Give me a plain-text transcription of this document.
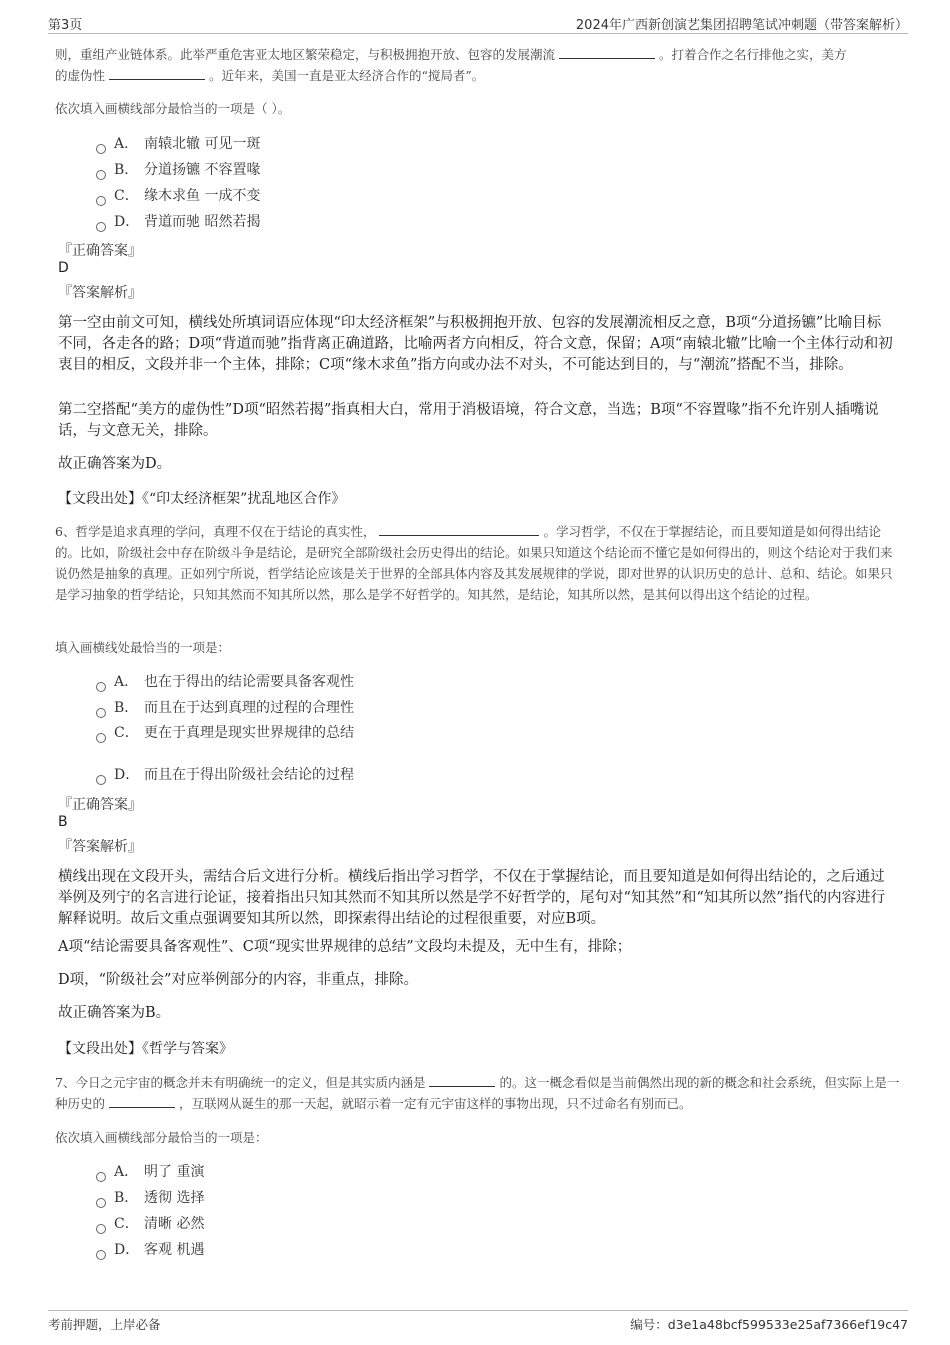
第3页	2024年广西新创演艺集团招聘笔试冲刺题（带答案解析）
则，重组产业链体系。此举严重危害亚太地区繁荣稳定，与积极拥抱开放、包容的发展潮流	。打着合作之名行排他之实，美方
的虚伪性	。近年来，美国一直是亚太经济合作的“搅局者”。
依次填入画横线部分最恰当的一项是（ ）。
A． 南辕北辙 可见一斑
B． 分道扬镳 不容置喙
C． 缘木求鱼 一成不变
D． 背道而驰 昭然若揭
『正确答案』
D
『答案解析』
第一空由前文可知，横线处所填词语应体现“印太经济框架”与积极拥抱开放、包容的发展潮流相反之意，B项“分道扬镳”比喻目标不同，各走各的路；D项“背道而驰”指背离正确道路，比喻两者方向相反，符合文意，保留；A项“南辕北辙”比喻一个主体行动和初衷目的相反，文段并非一个主体，排除；C项“缘木求鱼”指方向或办法不对头，不可能达到目的，与“潮流”搭配不当，排除。
第二空搭配“美方的虚伪性”D项“昭然若揭”指真相大白，常用于消极语境，符合文意，当选；B项“不容置喙”指不允许别人插嘴说话，与文意无关，排除。
故正确答案为D。
【文段出处】《“印太经济框架”扰乱地区合作》
6、哲学是追求真理的学问，真理不仅在于结论的真实性，	。学习哲学，不仅在于掌握结论，而且要知道是如何得出结论的。比如，阶级社会中存在阶级斗争是结论，是研究全部阶级社会历史得出的结论。如果只知道这个结论而不懂它是如何得出的，则这个结论对于我们来说仍然是抽象的真理。正如列宁所说，哲学结论应该是关于世界的全部具体内容及其发展规律的学说，即对世界的认识历史的总计、总和、结论。如果只是学习抽象的哲学结论，只知其然而不知其所以然，那么是学不好哲学的。知其然，是结论，知其所以然，是其何以得出这个结论的过程。
填入画横线处最恰当的一项是：
A． 也在于得出的结论需要具备客观性
B． 而且在于达到真理的过程的合理性
C． 更在于真理是现实世界规律的总结
D． 而且在于得出阶级社会结论的过程
『正确答案』
B
『答案解析』
横线出现在文段开头，需结合后文进行分析。横线后指出学习哲学，不仅在于掌握结论，而且要知道是如何得出结论的，之后通过举例及列宁的名言进行论证，接着指出只知其然而不知其所以然是学不好哲学的，尾句对“知其然”和“知其所以然”指代的内容进行解释说明。故后文重点强调要知其所以然，即探索得出结论的过程很重要，对应B项。
A项“结论需要具备客观性”、C项“现实世界规律的总结”文段均未提及，无中生有，排除；
D项，“阶级社会”对应举例部分的内容，非重点，排除。
故正确答案为B。
【文段出处】《哲学与答案》
7、今日之元宇宙的概念并未有明确统一的定义，但是其实质内涵是	的。这一概念看似是当前偶然出现的新的概念和社会系统，但实际上是一种历史的	，互联网从诞生的那一天起，就昭示着一定有元宇宙这样的事物出现，只不过命名有别而已。
依次填入画横线部分最恰当的一项是：
A． 明了 重演
B． 透彻 选择
C． 清晰 必然
D． 客观 机遇
考前押题，上岸必备	编号：d3e1a48bcf599533e25af7366ef19c47
